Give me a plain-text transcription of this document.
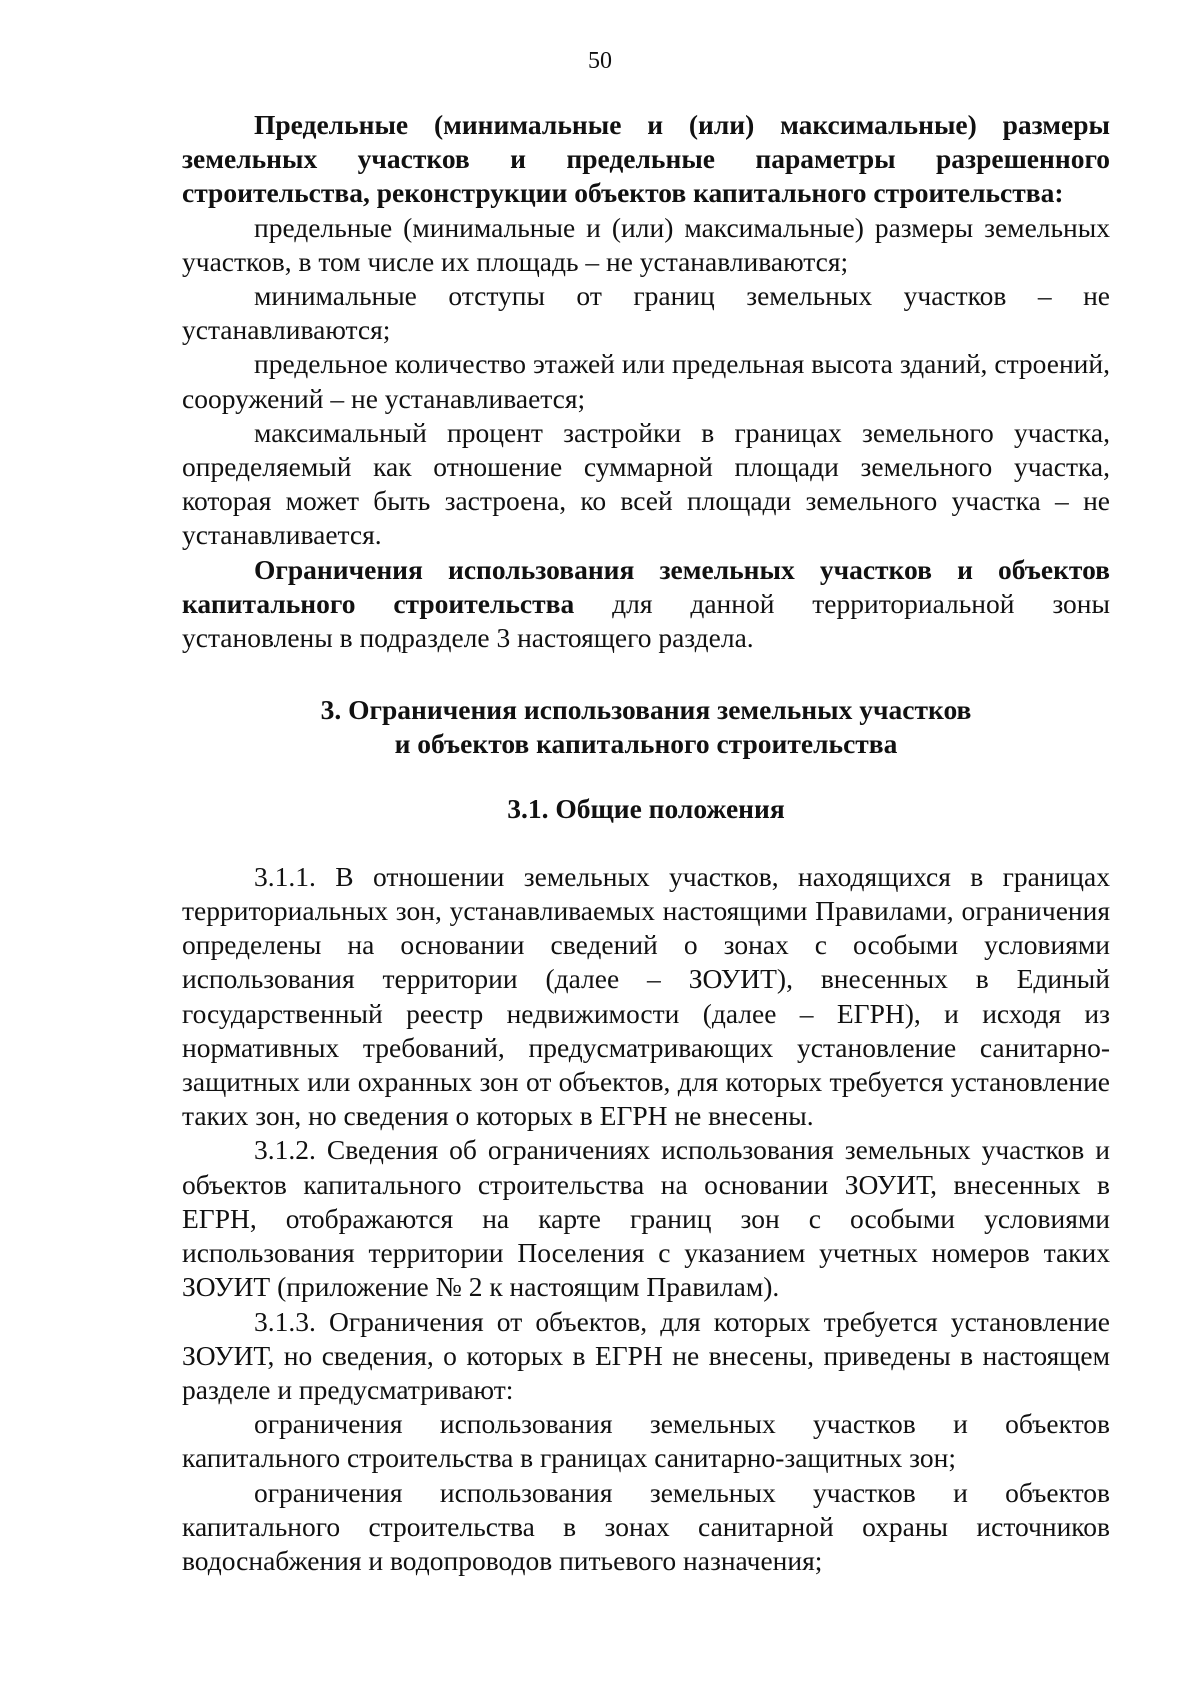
50

Предельные (минимальные и (или) максимальные) размеры земельных участков и предельные параметры разрешенного строительства, реконструкции объектов капитального строительства:

предельные (минимальные и (или) максимальные) размеры земельных участков, в том числе их площадь – не устанавливаются;

минимальные отступы от границ земельных участков – не устанавливаются;

предельное количество этажей или предельная высота зданий, строений, сооружений – не устанавливается;

максимальный процент застройки в границах земельного участка, определяемый как отношение суммарной площади земельного участка, которая может быть застроена, ко всей площади земельного участка – не устанавливается.

Ограничения использования земельных участков и объектов капитального строительства для данной территориальной зоны установлены в подразделе 3 настоящего раздела.

3. Ограничения использования земельных участков
и объектов капитального строительства
3.1. Общие положения

3.1.1. В отношении земельных участков, находящихся в границах территориальных зон, устанавливаемых настоящими Правилами, ограничения определены на основании сведений о зонах с особыми условиями использования территории (далее – ЗОУИТ), внесенных в Единый государственный реестр недвижимости (далее – ЕГРН), и исходя из нормативных требований, предусматривающих установление санитарно-защитных или охранных зон от объектов, для которых требуется установление таких зон, но сведения о которых в ЕГРН не внесены.

3.1.2. Сведения об ограничениях использования земельных участков и объектов капитального строительства на основании ЗОУИТ, внесенных в ЕГРН, отображаются на карте границ зон с особыми условиями использования территории Поселения с указанием учетных номеров таких ЗОУИТ (приложение № 2 к настоящим Правилам).

3.1.3. Ограничения от объектов, для которых требуется установление ЗОУИТ, но сведения, о которых в ЕГРН не внесены, приведены в настоящем разделе и предусматривают:

ограничения использования земельных участков и объектов капитального строительства в границах санитарно-защитных зон;

ограничения использования земельных участков и объектов капитального строительства в зонах санитарной охраны источников водоснабжения и водопроводов питьевого назначения;
